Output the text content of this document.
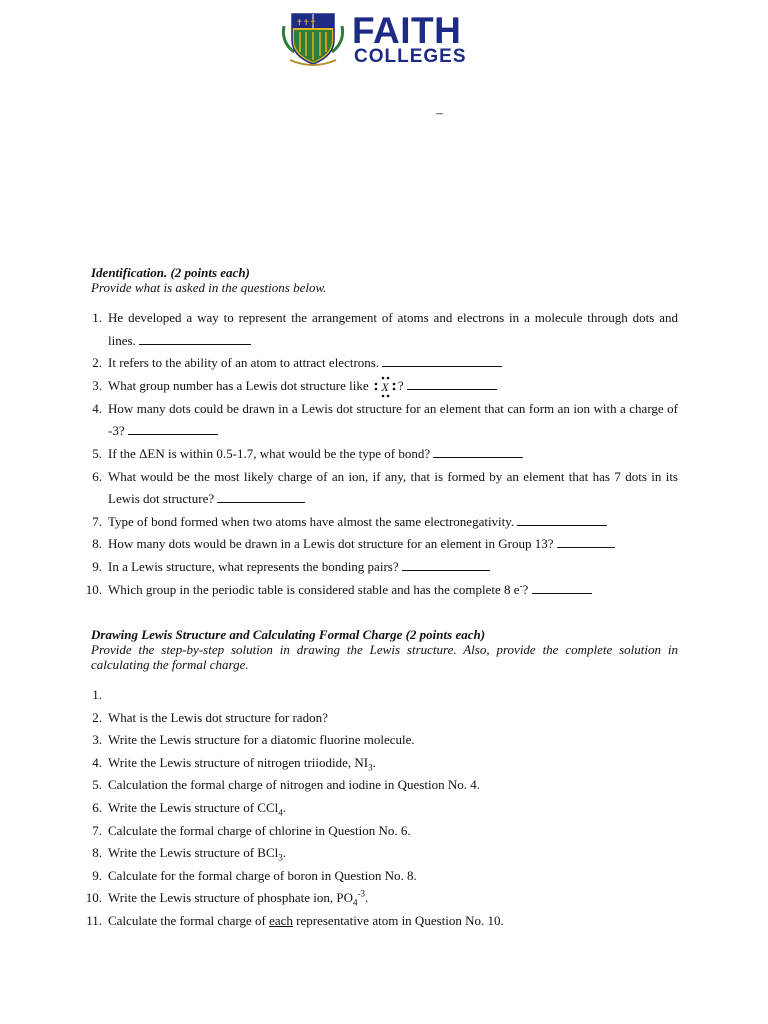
✝✝✝ FAITH
COLLEGES
–
Identification. (2 points each)
Provide what is asked in the questions below.
1. He developed a way to represent the arrangement of atoms and electrons in a molecule through dots and lines.
2. It refers to the ability of an atom to attract electrons.
3. What group number has a Lewis dot structure like X ?
4. How many dots could be drawn in a Lewis dot structure for an element that can form an ion with a charge of -3?
5. If the ΔEN is within 0.5-1.7, what would be the type of bond?
6. What would be the most likely charge of an ion, if any, that is formed by an element that has 7 dots in its Lewis dot structure?
7. Type of bond formed when two atoms have almost the same electronegativity.
8. How many dots would be drawn in a Lewis dot structure for an element in Group 13?
9. In a Lewis structure, what represents the bonding pairs?
10. Which group in the periodic table is considered stable and has the complete 8 e-?
Drawing Lewis Structure and Calculating Formal Charge (2 points each)
Provide the step-by-step solution in drawing the Lewis structure. Also, provide the complete solution in calculating the formal charge.
1.

2. What is the Lewis dot structure for radon?
3. Write the Lewis structure for a diatomic fluorine molecule.
4. Write the Lewis structure of nitrogen triiodide, $NI_3$.
5. Calculation the formal charge of nitrogen and iodine in Question No. 4.
6. Write the Lewis structure of CCl$_4$.
7. Calculate the formal charge of chlorine in Question No. 6.
8. Write the Lewis structure of BCl$_3$.
9. Calculate for the formal charge of boron in Question No. 8.
10. Write the Lewis structure of phosphate ion, $PO_4^{-3}$.
11. Calculate the formal charge of each representative atom in Question No. 10.
